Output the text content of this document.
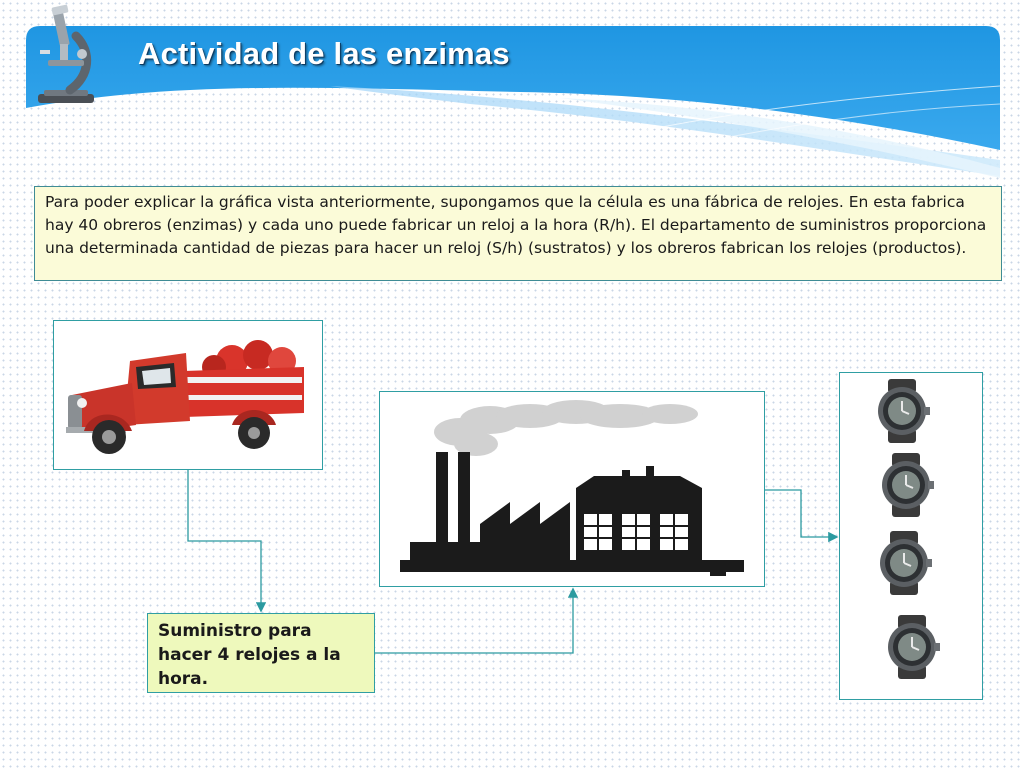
Actividad de las enzimas

Para poder explicar la gráfica vista anteriormente, supongamos que la célula es una fábrica de relojes. En esta fabrica hay 40 obreros (enzimas) y cada uno puede fabricar un reloj a la hora (R/h). El departamento de suministros proporciona una determinada cantidad de piezas para hacer un reloj (S/h) (sustratos) y los obreros fabrican los relojes (productos).

Suministro para hacer 4 relojes a la hora.
